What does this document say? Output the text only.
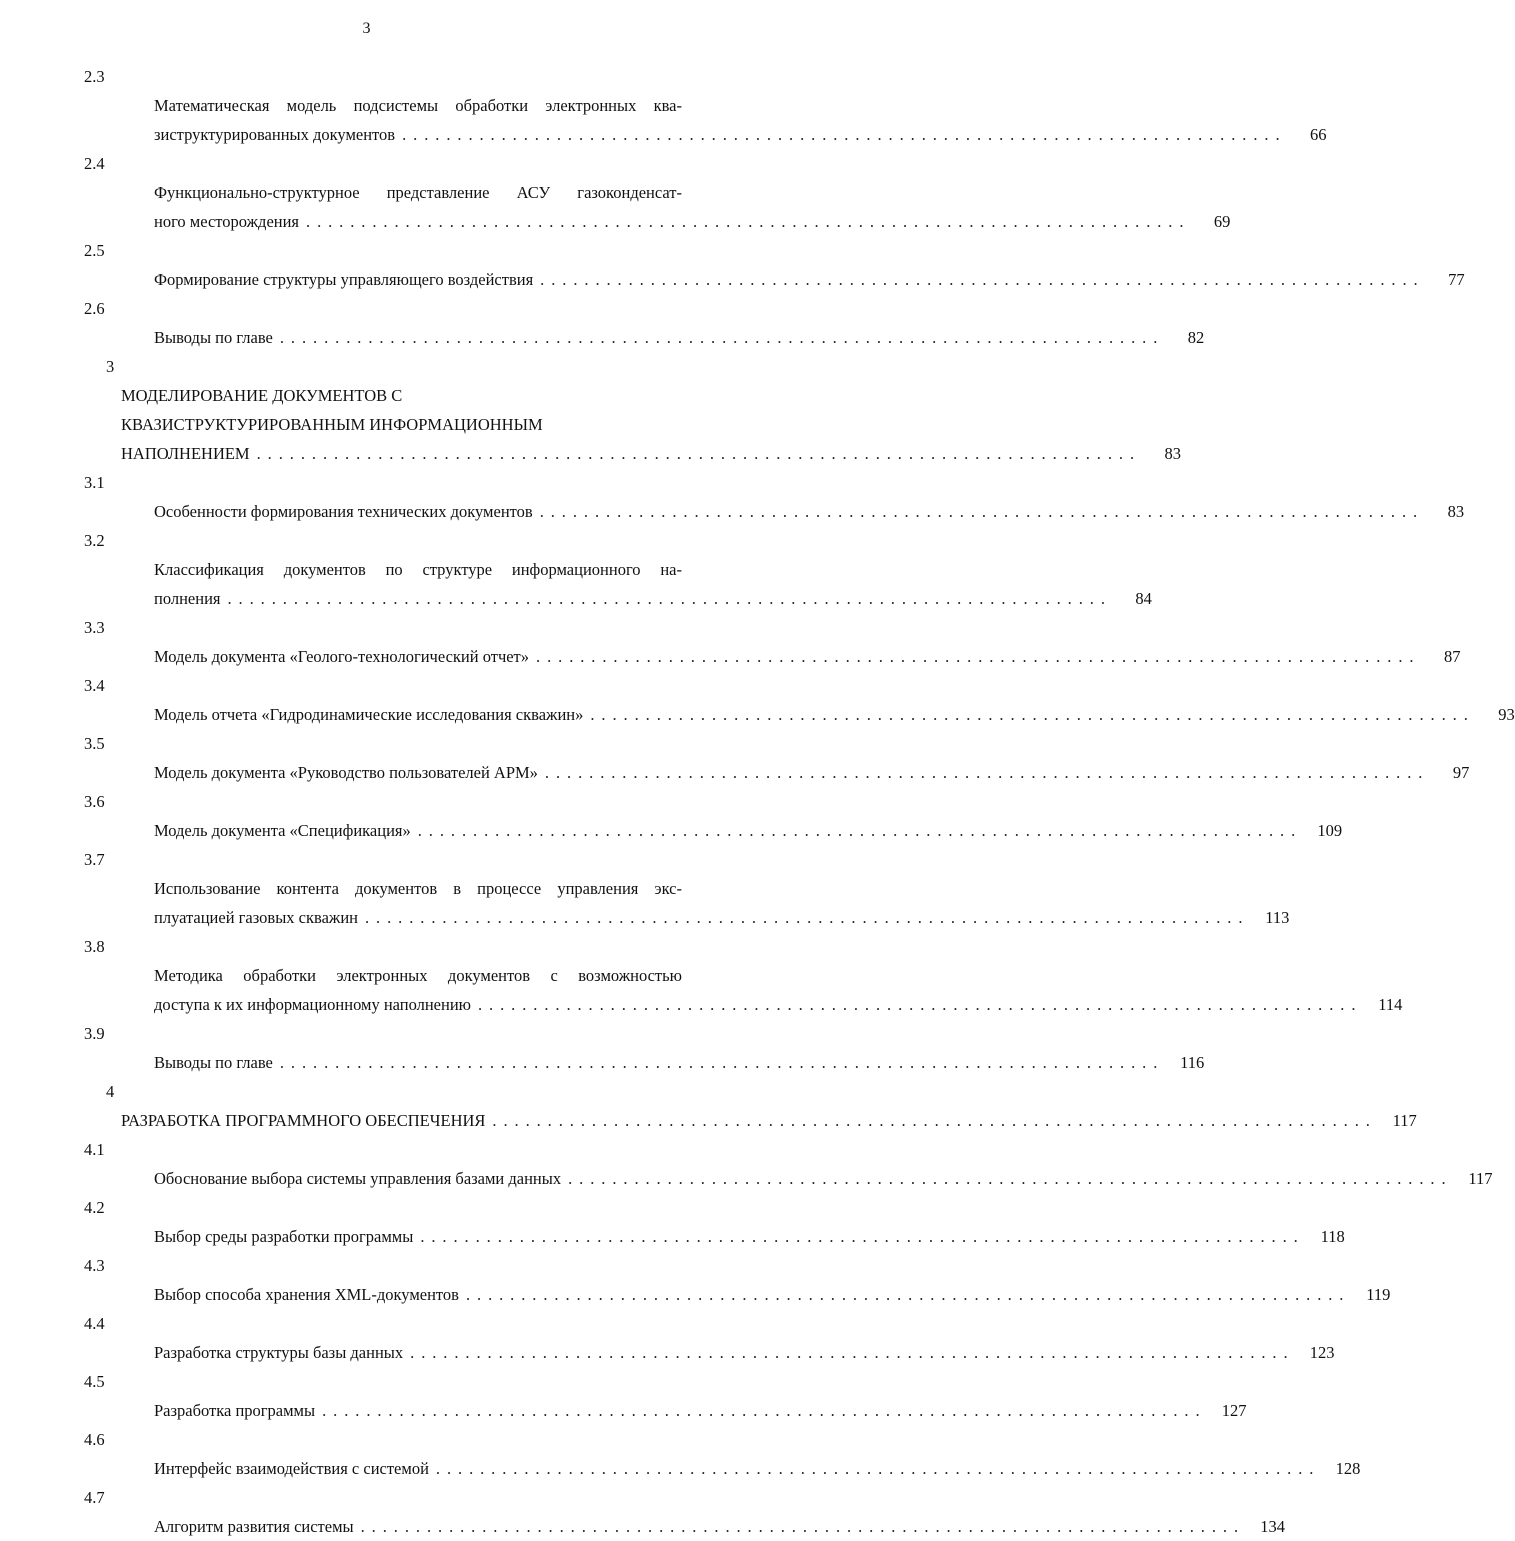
3
2.3
Математическая модель подсистемы обработки электронных ква-
зиструктурированных документов ................................................................................	66
2.4
Функционально-структурное представление АСУ газоконденсат-
ного месторождения ................................................................................	69
2.5
Формирование структуры управляющего воздействия ................................................................................	77
2.6
Выводы по главе ................................................................................	82
3
МОДЕЛИРОВАНИЕ ДОКУМЕНТОВ С
КВАЗИСТРУКТУРИРОВАННЫМ ИНФОРМАЦИОННЫМ
НАПОЛНЕНИЕМ ................................................................................	83
3.1
Особенности формирования технических документов ................................................................................	83
3.2
Классификация документов по структуре информационного на-
полнения ................................................................................	84
3.3
Модель документа «Геолого-технологический отчет» ................................................................................	87
3.4
Модель отчета «Гидродинамические исследования скважин» ................................................................................	93
3.5
Модель документа «Руководство пользователей АРМ» ................................................................................	97
3.6
Модель документа «Спецификация» ................................................................................ 109
3.7
Использование контента документов в процессе управления экс-
плуатацией газовых скважин ................................................................................ 113
3.8
Методика обработки электронных документов с возможностью
доступа к их информационному наполнению ................................................................................ 114
3.9
Выводы по главе ................................................................................ 116
4
РАЗРАБОТКА ПРОГРАММНОГО ОБЕСПЕЧЕНИЯ ................................................................................ 117
4.1
Обоснование выбора системы управления базами данных ................................................................................ 117
4.2
Выбор среды разработки программы ................................................................................ 118
4.3
Выбор способа хранения XML-документов ................................................................................ 119
4.4
Разработка структуры базы данных ................................................................................ 123
4.5
Разработка программы ................................................................................ 127
4.6
Интерфейс взаимодействия с системой ................................................................................ 128
4.7
Алгоритм развития системы ................................................................................ 134
